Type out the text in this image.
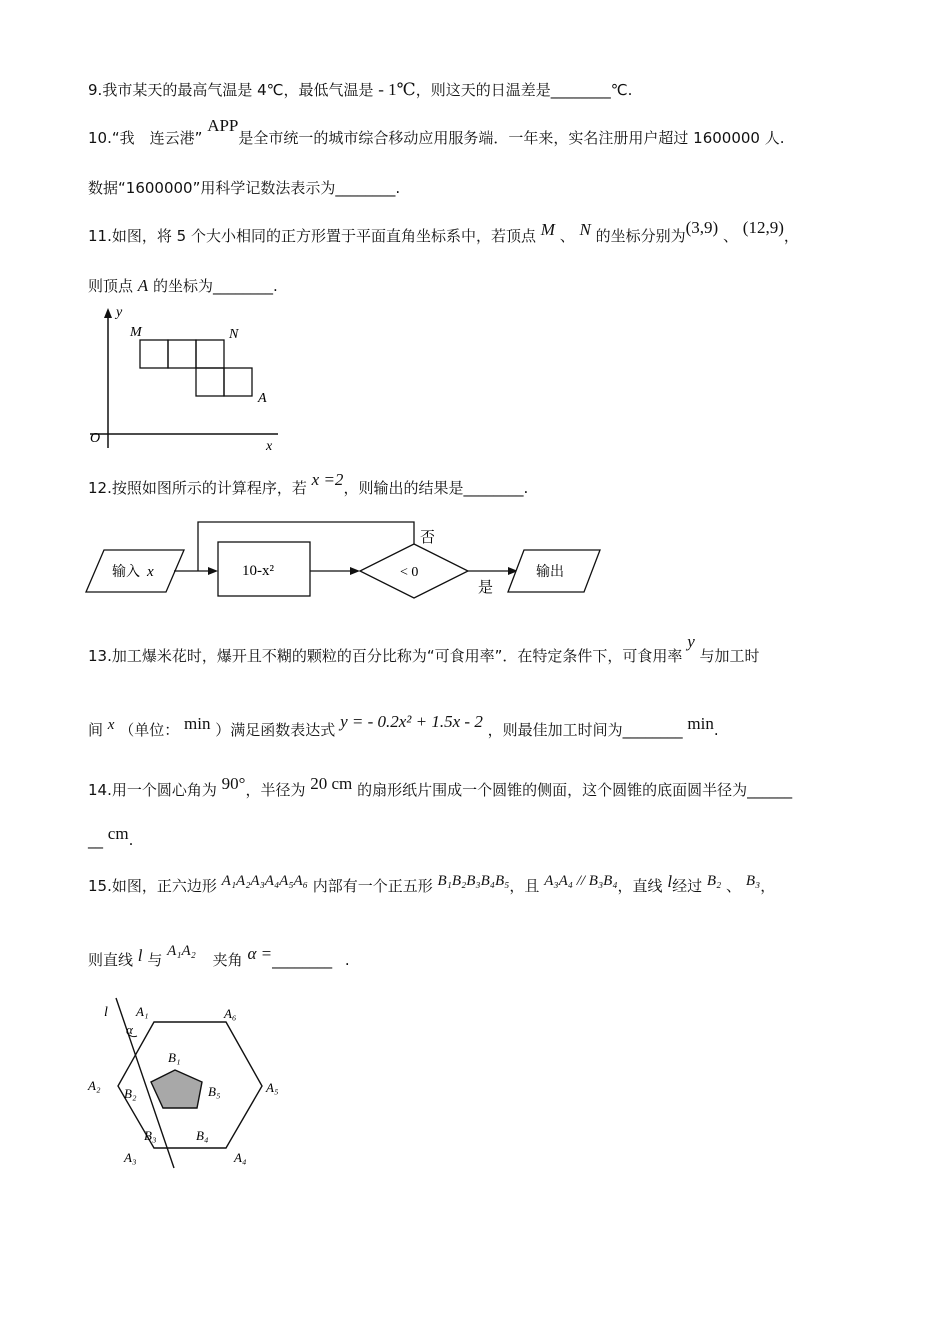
9.我市某天的最高气温是 4℃，最低气温是 - 1℃，则这天的日温差是________℃.
10.“我　连云港” APP是全市统一的城市综合移动应用服务端．一年来，实名注册用户超过 1600000 人.
数据“1600000”用科学记数法表示为________.
11.如图，将 5 个大小相同的正方形置于平面直角坐标系中，若顶点 M 、 N 的坐标分别为(3,9) 、 (12,9)，
则顶点 A 的坐标为________.
y
x
O
M	N
A
12.按照如图所示的计算程序，若 x =2，则输出的结果是________.
输入 x	10-x²	< 0
否
是
输出
13.加工爆米花时，爆开且不糊的颗粒的百分比称为“可食用率”．在特定条件下，可食用率 y 与加工时
间 x （单位： min ）满足函数表达式 y = - 0.2x² + 1.5x - 2 ，则最佳加工时间为________ min.
14.用一个圆心角为 90°，半径为 20 cm 的扇形纸片围成一个圆锥的侧面，这个圆锥的底面圆半径为______
__ cm.
15.如图，正六边形 A₁A₂A₃A₄A₅A₆ 内部有一个正五形 B₁B₂B₃B₄B₅，且 A₃A₄ // B₃B₄，直线 l经过 B₂ 、 B₃，
则直线 l 与 A₁A₂ 夹角 α =________ .
l
α
A₁	A₆
A₂	A₅
A₃	A₄
B₁
B₂	B₅
B₃	B₄
